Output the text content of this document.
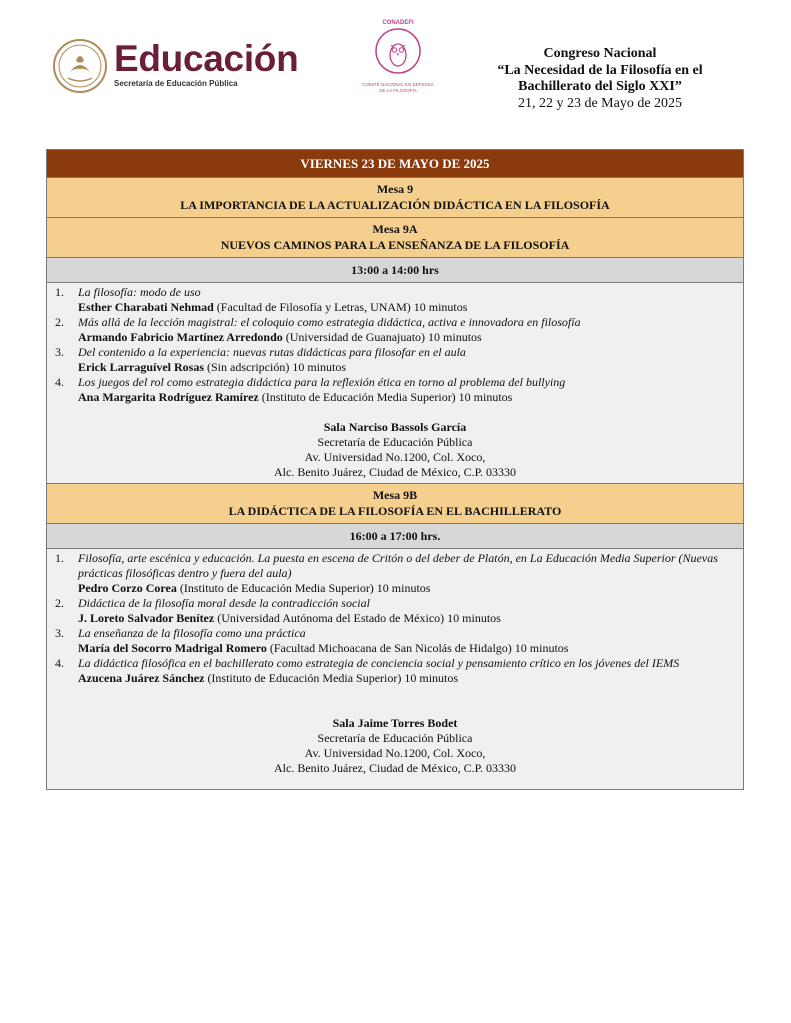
Educación
Secretaría de Educación Pública
CONADEFI
COMITÉ NACIONAL EN DEFENSA
DE LA FILOSOFÍA
Congreso Nacional
“La Necesidad de la Filosofía en el
Bachillerato del Siglo XXI”
21, 22 y 23 de Mayo de 2025
VIERNES 23 DE MAYO DE 2025
Mesa 9
LA IMPORTANCIA DE LA ACTUALIZACIÓN DIDÁCTICA EN LA FILOSOFÍA
Mesa 9A
NUEVOS CAMINOS PARA LA ENSEÑANZA DE LA FILOSOFÍA
13:00 a 14:00 hrs
1. La filosofía: modo de uso
Esther Charabati Nehmad (Facultad de Filosofía y Letras, UNAM) 10 minutos
2. Más allá de la lección magistral: el coloquio como estrategia didáctica, activa e innovadora en filosofía
Armando Fabricio Martínez Arredondo (Universidad de Guanajuato) 10 minutos
3. Del contenido a la experiencia: nuevas rutas didácticas para filosofar en el aula
Erick Larraguível Rosas (Sin adscripción) 10 minutos
4. Los juegos del rol como estrategia didáctica para la reflexión ética en torno al problema del bullying
Ana Margarita Rodríguez Ramírez (Instituto de Educación Media Superior) 10 minutos
Sala Narciso Bassols García
Secretaría de Educación Pública
Av. Universidad No.1200, Col. Xoco,
Alc. Benito Juárez, Ciudad de México, C.P. 03330
Mesa 9B
LA DIDÁCTICA DE LA FILOSOFÍA EN EL BACHILLERATO
16:00 a 17:00 hrs.
1. Filosofía, arte escénica y educación. La puesta en escena de Critón o del deber de Platón, en La Educación Media Superior (Nuevas prácticas filosóficas dentro y fuera del aula)
Pedro Corzo Corea (Instituto de Educación Media Superior) 10 minutos
2. Didáctica de la filosofía moral desde la contradicción social
J. Loreto Salvador Benítez (Universidad Autónoma del Estado de México) 10 minutos
3. La enseñanza de la filosofía como una práctica
María del Socorro Madrigal Romero (Facultad Michoacana de San Nicolás de Hidalgo) 10 minutos
4. La didáctica filosófica en el bachillerato como estrategia de conciencia social y pensamiento crítico en los jóvenes del IEMS
Azucena Juárez Sánchez (Instituto de Educación Media Superior) 10 minutos
Sala Jaime Torres Bodet
Secretaría de Educación Pública
Av. Universidad No.1200, Col. Xoco,
Alc. Benito Juárez, Ciudad de México, C.P. 03330
